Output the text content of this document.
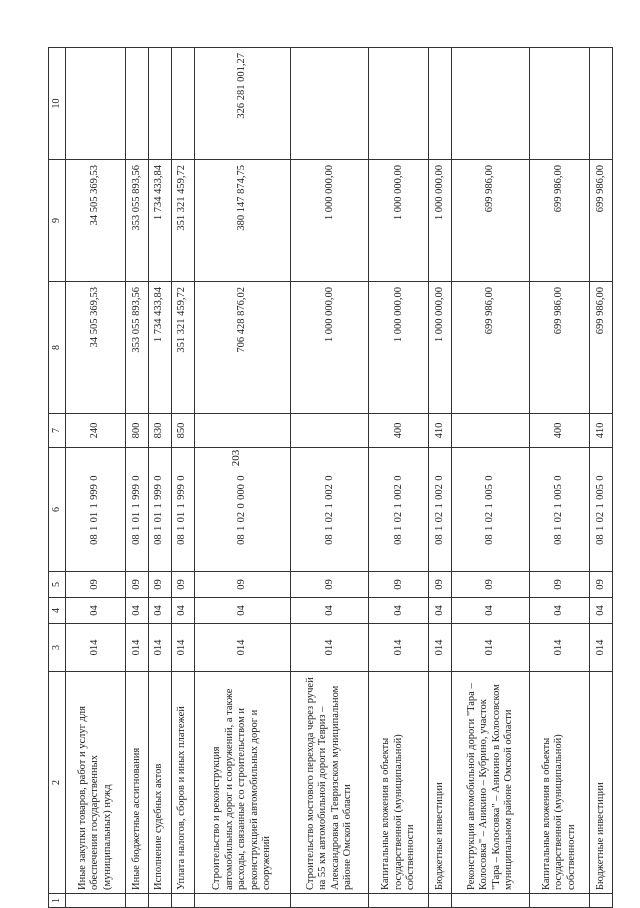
203
1	2	3	4	5	6	7	8	9	10
	Иные закупки товаров, работ и услуг для обеспечения государственных (муниципальных) нужд	014	04	09	0810119990	240	34 505 369,53	34 505 369,53	
	Иные бюджетные ассигнования	014	04	09	0810119990	800	353 055 893,56	353 055 893,56	
	Исполнение судебных актов	014	04	09	0810119990	830	1 734 433,84	1 734 433,84	
	Уплата налогов, сборов и иных платежей	014	04	09	0810119990	850	351 321 459,72	351 321 459,72	
	Строительство и реконструкция автомобильных дорог и сооружений, а также расходы, связанные со строительством и реконструкцией автомобильных дорог и сооружений	014	04	09	0810200000		706 428 876,02	380 147 874,75	326 281 001,27
	Строительство мостового перехода через ручей на 55 км автомобильной дороги Тевриз – Александровка в Тевризском муниципальном районе Омской области	014	04	09	0810210020		1 000 000,00	1 000 000,00	
	Капитальные вложения в объекты государственной (муниципальной) собственности	014	04	09	0810210020	400	1 000 000,00	1 000 000,00	
	Бюджетные инвестиции	014	04	09	0810210020	410	1 000 000,00	1 000 000,00	
	Реконструкция автомобильной дороги "Тара – Колосовка" – Аникино – Кубрино, участок "Тара – Колосовка" – Аникино в Колосовском муниципальном районе Омской области	014	04	09	0810210050		699 986,00	699 986,00	
	Капитальные вложения в объекты государственной (муниципальной) собственности	014	04	09	0810210050	400	699 986,00	699 986,00	
	Бюджетные инвестиции	014	04	09	0810210050	410	699 986,00	699 986,00	
